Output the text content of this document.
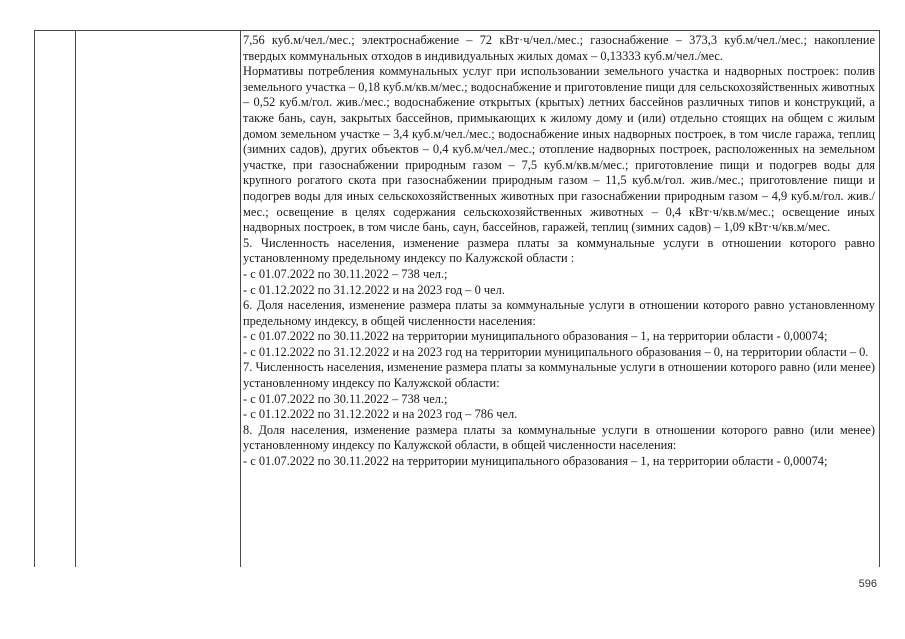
7,56 куб.м/чел./мес.; электроснабжение – 72 кВт·ч/чел./мес.; газоснабжение – 373,3 куб.м/чел./мес.; накопление твердых коммунальных отходов в индивидуальных жилых домах – 0,13333 куб.м/чел./мес.

Нормативы потребления коммунальных услуг при использовании земельного участка и надворных построек: полив земельного участка – 0,18 куб.м/кв.м/мес.; водоснабжение и приготовление пищи для сельскохозяйственных животных – 0,52 куб.м/гол. жив./мес.; водоснабжение открытых (крытых) летних бассейнов различных типов и конструкций, а также бань, саун, закрытых бассейнов, примыкающих к жилому дому и (или) отдельно стоящих на общем с жилым домом земельном участке – 3,4 куб.м/чел./мес.; водоснабжение иных надворных построек, в том числе гаража, теплиц (зимних садов), других объектов – 0,4 куб.м/чел./мес.; отопление надворных построек, расположенных на земельном участке, при газоснабжении природным газом – 7,5 куб.м/кв.м/мес.; приготовление пищи и подогрев воды для крупного рогатого скота при газоснабжении природным газом – 11,5 куб.м/гол. жив./мес.; приготовление пищи и подогрев воды для иных сельскохозяйственных животных при газоснабжении природным газом – 4,9 куб.м/гол. жив./мес.; освещение в целях содержания сельскохозяйственных животных – 0,4 кВт·ч/кв.м/мес.; освещение иных надворных построек, в том числе бань, саун, бассейнов, гаражей, теплиц (зимних садов) – 1,09 кВт·ч/кв.м/мес.

5. Численность населения, изменение размера платы за коммунальные услуги в отношении которого равно установленному предельному индексу по Калужской области :

- с 01.07.2022 по 30.11.2022 – 738 чел.;

- с 01.12.2022 по 31.12.2022 и на 2023 год – 0 чел.

6. Доля населения, изменение размера платы за коммунальные услуги в отношении которого равно установленному предельному индексу, в общей численности населения:

- с 01.07.2022 по 30.11.2022 на территории муниципального образования – 1, на территории области - 0,00074;

- с 01.12.2022 по 31.12.2022 и на 2023 год на территории муниципального образования – 0, на территории области – 0.

7. Численность населения, изменение размера платы за коммунальные услуги в отношении которого равно (или менее) установленному индексу по Калужской области:

- с 01.07.2022 по 30.11.2022 – 738 чел.;

- с 01.12.2022 по 31.12.2022 и на 2023 год – 786 чел.

8. Доля населения, изменение размера платы за коммунальные услуги в отношении которого равно (или менее) установленному индексу по Калужской области, в общей численности населения:

- с 01.07.2022 по 30.11.2022 на территории муниципального образования – 1, на территории области - 0,00074;

596
